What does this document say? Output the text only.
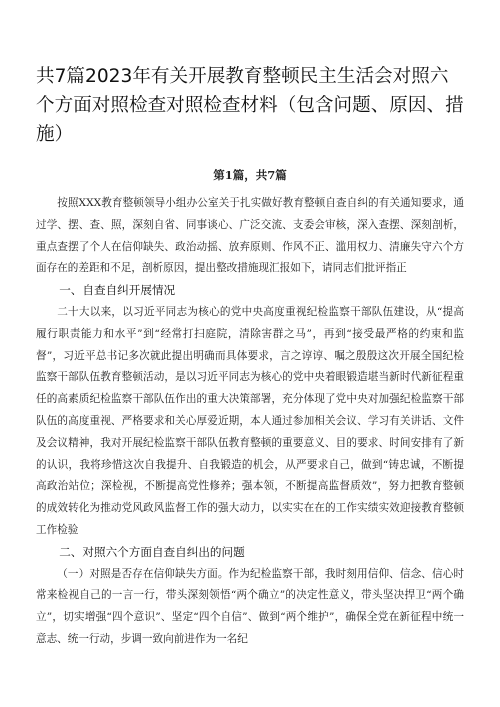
共7篇2023年有关开展教育整顿民主生活会对照六个方面对照检查对照检查材料（包含问题、原因、措施）
第1篇，共7篇

按照XXX教育整顿领导小组办公室关于扎实做好教育整顿自查自纠的有关通知要求，通过学、摆、查、照，深刻自省、同事谈心、广泛交流、支委会审核，深入查摆、深刻剖析，重点查摆了个人在信仰缺失、政治动摇、放弃原则、作风不正、滥用权力、清廉失守六个方面存在的差距和不足，剖析原因，提出整改措施现汇报如下，请同志们批评指正

一、自查自纠开展情况

二十大以来，以习近平同志为核心的党中央高度重视纪检监察干部队伍建设，从“提高履行职责能力和水平”到“经常打扫庭院，清除害群之马”，再到“接受最严格的约束和监督”，习近平总书记多次就此提出明确而具体要求，言之谆谆、嘱之殷殷这次开展全国纪检监察干部队伍教育整顿活动，是以习近平同志为核心的党中央着眼锻造堪当新时代新征程重任的高素质纪检监察干部队伍作出的重大决策部署，充分体现了党中央对加强纪检监察干部队伍的高度重视、严格要求和关心厚爱近期，本人通过参加相关会议、学习有关讲话、文件及会议精神，我对开展纪检监察干部队伍教育整顿的重要意义、目的要求、时间安排有了新的认识，我将珍惜这次自我提升、自我锻造的机会，从严要求自己，做到“铸忠诚，不断提高政治站位；深检视，不断提高党性修养；强本领，不断提高监督质效”，努力把教育整顿的成效转化为推动党风政风监督工作的强大动力，以实实在在的工作实绩实效迎接教育整顿工作检验

二、对照六个方面自查自纠出的问题

（一）对照是否存在信仰缺失方面。作为纪检监察干部，我时刻用信仰、信念、信心时常来检视自己的一言一行，带头深刻领悟“两个确立”的决定性意义，带头坚决捍卫“两个确立”，切实增强“四个意识”、坚定“四个自信”、做到“两个维护”，确保全党在新征程中统一意志、统一行动，步调一致向前进作为一名纪
